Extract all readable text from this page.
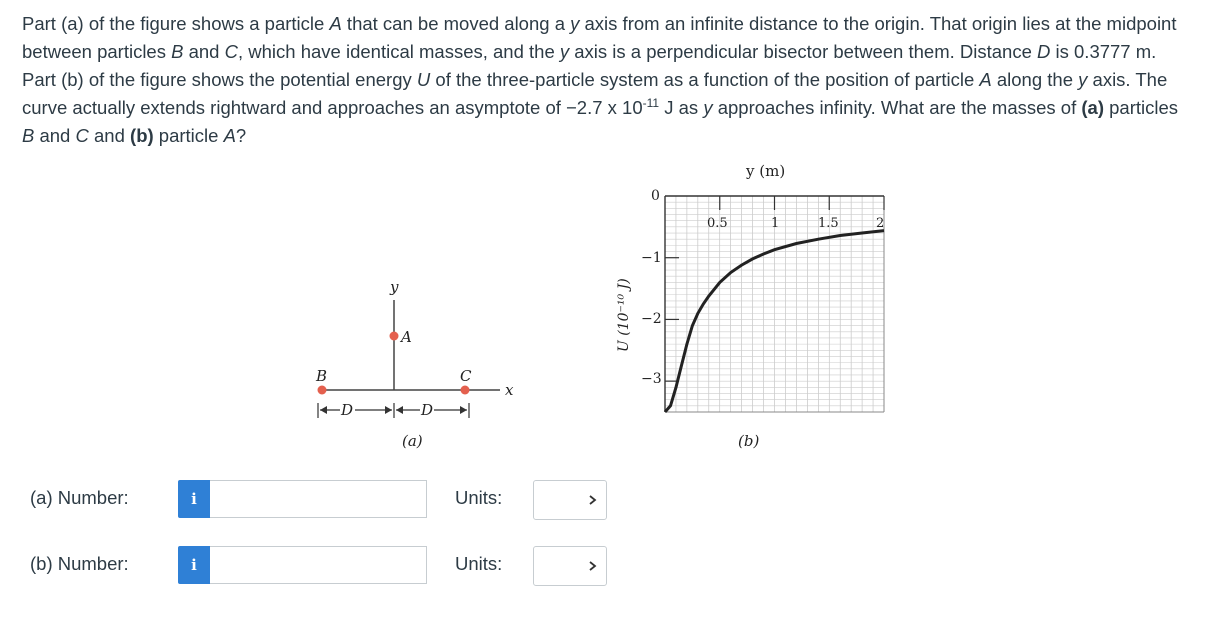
Part (a) of the figure shows a particle A that can be moved along a y axis from an infinite distance to the origin. That origin lies at the midpoint between particles B and C, which have identical masses, and the y axis is a perpendicular bisector between them. Distance D is 0.3777 m. Part (b) of the figure shows the potential energy U of the three-particle system as a function of the position of particle A along the y axis. The curve actually extends rightward and approaches an asymptote of −2.7 x $10^{-11}$ J as y approaches infinity. What are the masses of (a) particles B and C and (b) particle A?
y
A
B	C
x
D	D
(a)
y (m)
0
U (10⁻¹⁰ J)
−1
−2
−3
0.5	1	1.5	2
(b)
(a) Number:	i	Units:
(b) Number:	i	Units:
